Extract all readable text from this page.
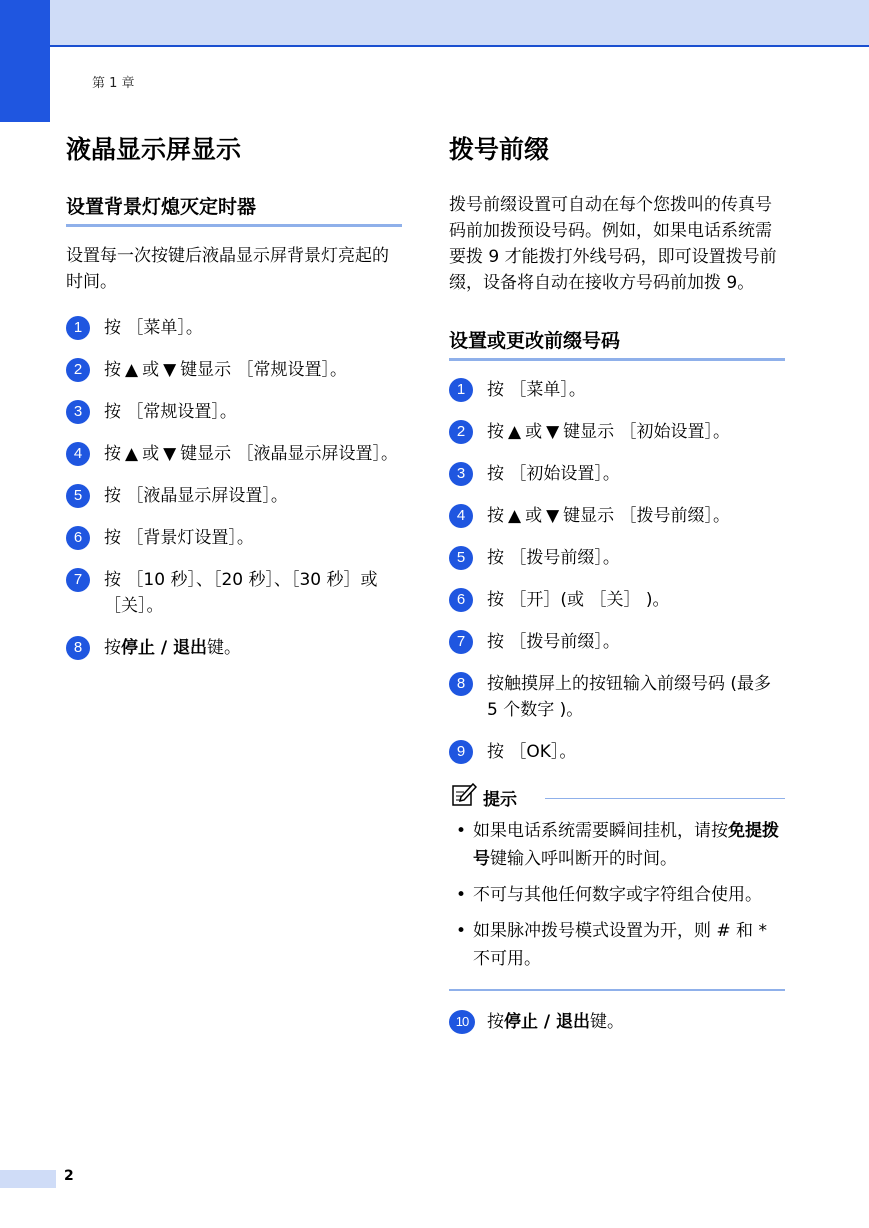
第 1 章
液晶显示屏显示
设置背景灯熄灭定时器

设置每一次按键后液晶显示屏背景灯亮起的时间。

1	按 ［菜单］。
2	按 ▲ 或 ▼ 键显示 ［常规设置］。
3	按 ［常规设置］。
4	按 ▲ 或 ▼ 键显示 ［液晶显示屏设置］。
5	按 ［液晶显示屏设置］。
6	按 ［背景灯设置］。
7	按 ［10 秒］、［20 秒］、［30 秒］或 ［关］。
8	按停止 / 退出键。
拨号前缀

拨号前缀设置可自动在每个您拨叫的传真号码前加拨预设号码。例如，如果电话系统需要拨 9 才能拨打外线号码，即可设置拨号前缀，设备将自动在接收方号码前加拨 9。

设置或更改前缀号码
1	按 ［菜单］。
2	按 ▲ 或 ▼ 键显示 ［初始设置］。
3	按 ［初始设置］。
4	按 ▲ 或 ▼ 键显示 ［拨号前缀］。
5	按 ［拨号前缀］。
6	按 ［开］(或 ［关］ )。
7	按 ［拨号前缀］。
8	按触摸屏上的按钮输入前缀号码 (最多 5 个数字 )。
9	按 ［OK］。
提示
• 如果电话系统需要瞬间挂机，请按免提拨号键输入呼叫断开的时间。
• 不可与其他任何数字或字符组合使用。
• 如果脉冲拨号模式设置为开，则 # 和 * 不可用。
10	按停止 / 退出键。
2
